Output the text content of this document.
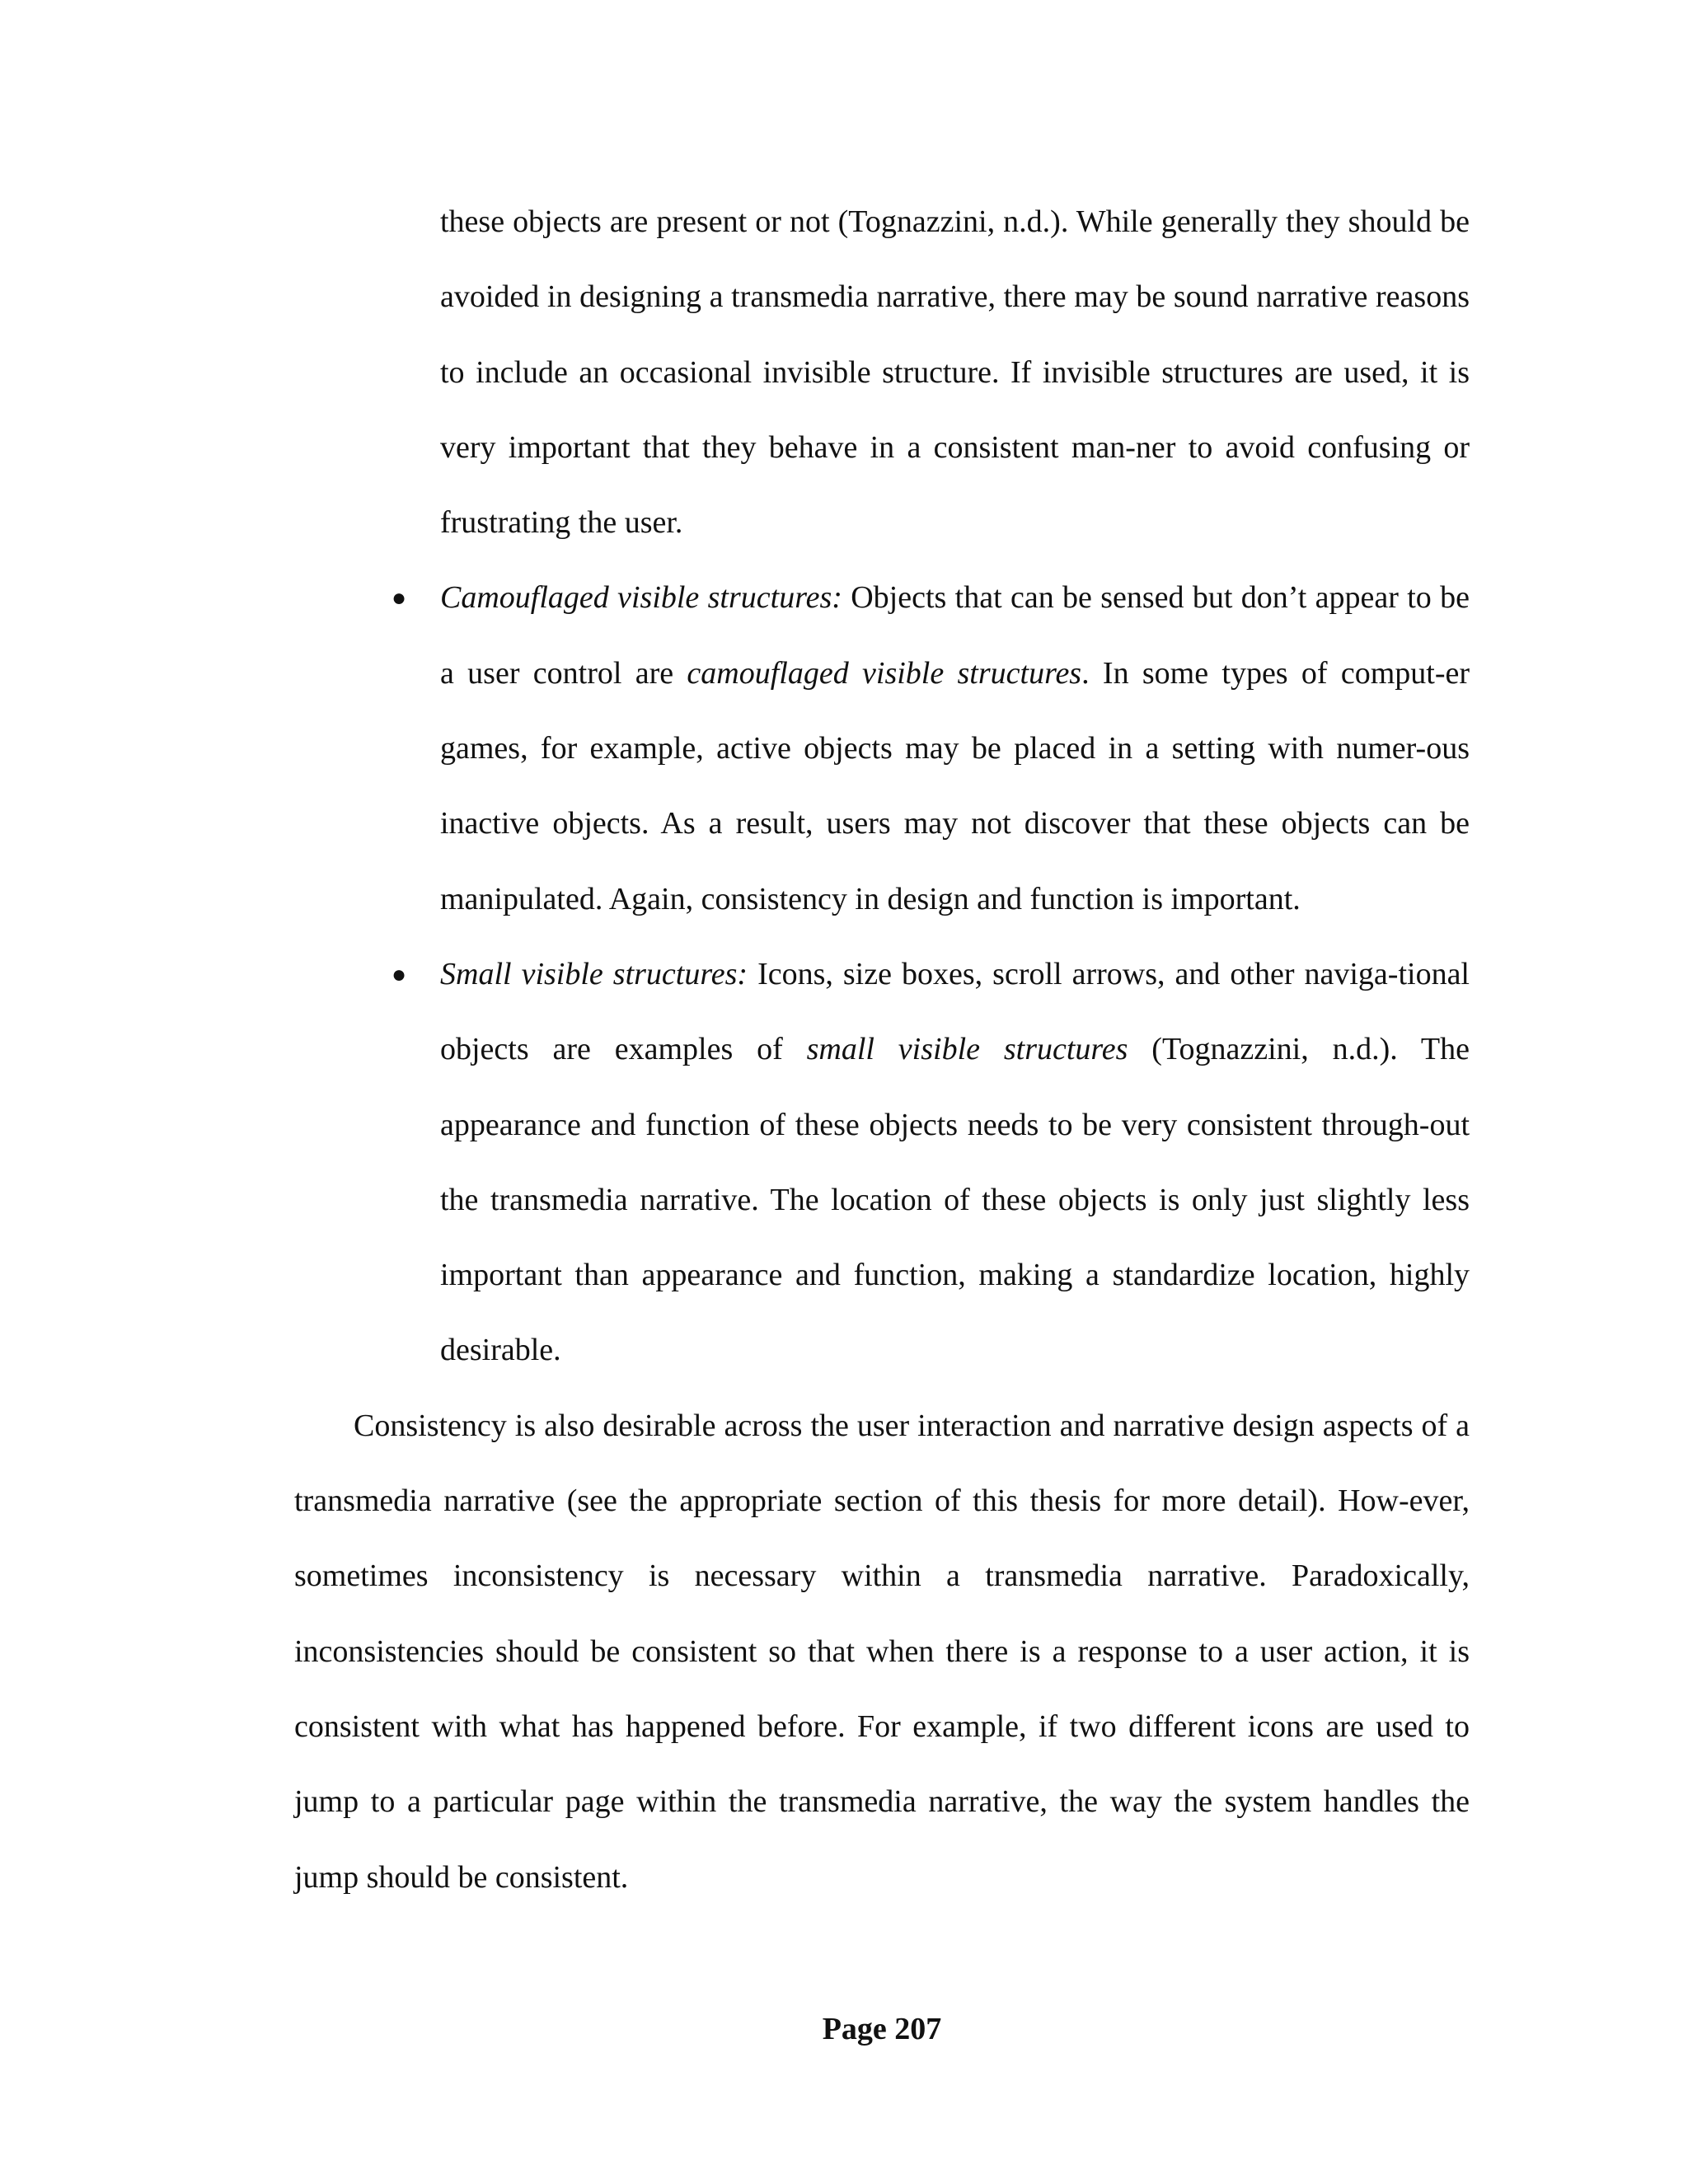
these objects are present or not (Tognazzini, n.d.). While generally they should be avoided in designing a transmedia narrative, there may be sound narrative reasons to include an occasional invisible structure. If invisible structures are used, it is very important that they behave in a consistent man-ner to avoid confusing or frustrating the user.

● Camouflaged visible structures: Objects that can be sensed but don’t appear to be a user control are camouflaged visible structures. In some types of comput-er games, for example, active objects may be placed in a setting with numer-ous inactive objects. As a result, users may not discover that these objects can be manipulated. Again, consistency in design and function is important.
● Small visible structures: Icons, size boxes, scroll arrows, and other naviga-tional objects are examples of small visible structures (Tognazzini, n.d.). The appearance and function of these objects needs to be very consistent through-out the transmedia narrative. The location of these objects is only just slightly less important than appearance and function, making a standardize location, highly desirable.

Consistency is also desirable across the user interaction and narrative design aspects of a transmedia narrative (see the appropriate section of this thesis for more detail). How-ever, sometimes inconsistency is necessary within a transmedia narrative. Paradoxically, inconsistencies should be consistent so that when there is a response to a user action, it is consistent with what has happened before. For example, if two different icons are used to jump to a particular page within the transmedia narrative, the way the system handles the jump should be consistent.

Page 207
